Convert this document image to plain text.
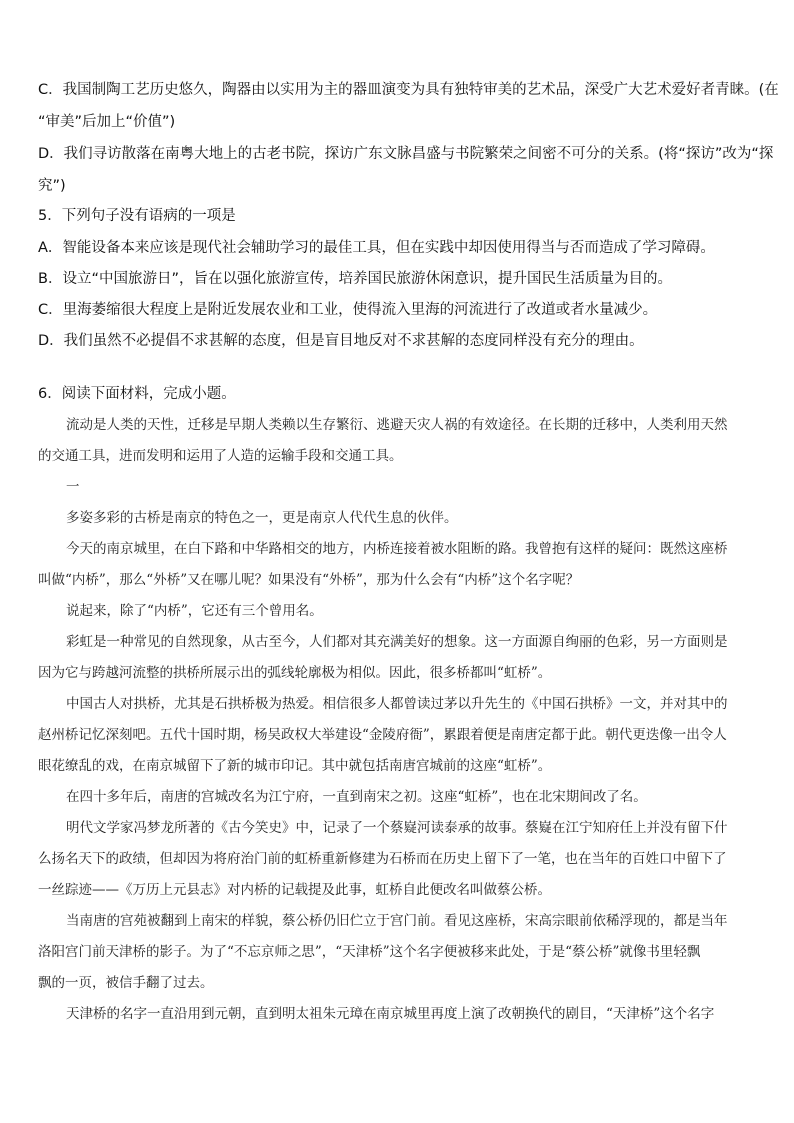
C．我国制陶工艺历史悠久，陶器由以实用为主的器皿演变为具有独特审美的艺术品，深受广大艺术爱好者青睐。(在
“审美”后加上“价值”)
D．我们寻访散落在南粤大地上的古老书院，探访广东文脉昌盛与书院繁荣之间密不可分的关系。(将“探访”改为“探
究”)
5．下列句子没有语病的一项是
A．智能设备本来应该是现代社会辅助学习的最佳工具，但在实践中却因使用得当与否而造成了学习障碍。
B．设立“中国旅游日”，旨在以强化旅游宣传，培养国民旅游休闲意识，提升国民生活质量为目的。
C．里海萎缩很大程度上是附近发展农业和工业，使得流入里海的河流进行了改道或者水量减少。
D．我们虽然不必提倡不求甚解的态度，但是盲目地反对不求甚解的态度同样没有充分的理由。
6．阅读下面材料，完成小题。

流动是人类的天性，迁移是早期人类赖以生存繁衍、逃避天灾人祸的有效途径。在长期的迁移中，人类利用天然

的交通工具，进而发明和运用了人造的运输手段和交通工具。

一

多姿多彩的古桥是南京的特色之一，更是南京人代代生息的伙伴。

今天的南京城里，在白下路和中华路相交的地方，内桥连接着被水阻断的路。我曾抱有这样的疑问：既然这座桥

叫做“内桥”，那么“外桥”又在哪儿呢？如果没有“外桥”，那为什么会有“内桥”这个名字呢？

说起来，除了“内桥”，它还有三个曾用名。

彩虹是一种常见的自然现象，从古至今，人们都对其充满美好的想象。这一方面源自绚丽的色彩，另一方面则是

因为它与跨越河流整的拱桥所展示出的弧线轮廓极为相似。因此，很多桥都叫“虹桥”。

中国古人对拱桥，尤其是石拱桥极为热爱。相信很多人都曾读过茅以升先生的《中国石拱桥》一文，并对其中的

赵州桥记忆深刻吧。五代十国时期，杨吴政权大举建设“金陵府衙”，累跟着便是南唐定都于此。朝代更迭像一出令人

眼花缭乱的戏，在南京城留下了新的城市印记。其中就包括南唐宫城前的这座“虹桥”。

在四十多年后，南唐的宫城改名为江宁府，一直到南宋之初。这座“虹桥”，也在北宋期间改了名。

明代文学家冯梦龙所著的《古今笑史》中，记录了一个蔡嶷河读泰承的故事。蔡嶷在江宁知府任上并没有留下什

么扬名天下的政绩，但却因为将府治门前的虹桥重新修建为石桥而在历史上留下了一笔，也在当年的百姓口中留下了

一丝踪迹——《万历上元县志》对内桥的记载提及此事，虹桥自此便改名叫做蔡公桥。

当南唐的宫苑被翻到上南宋的样貌，蔡公桥仍旧伫立于宫门前。看见这座桥，宋高宗眼前依稀浮现的，都是当年

洛阳宫门前天津桥的影子。为了“不忘京师之思”，“天津桥”这个名字便被移来此处，于是“蔡公桥”就像书里轻飘

飘的一页，被信手翻了过去。

天津桥的名字一直沿用到元朝，直到明太祖朱元璋在南京城里再度上演了改朝换代的剧目，“天津桥”这个名字
